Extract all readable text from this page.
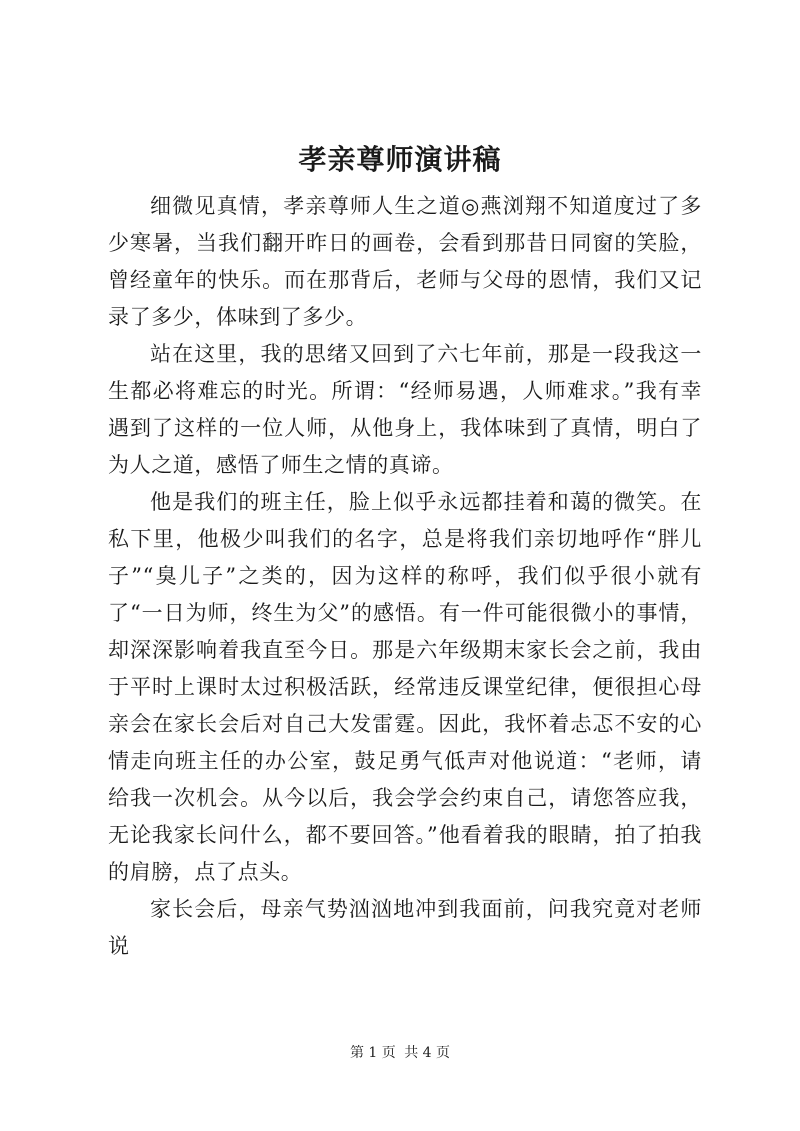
孝亲尊师演讲稿

细微见真情，孝亲尊师人生之道◎燕浏翔不知道度过了多少寒暑，当我们翻开昨日的画卷，会看到那昔日同窗的笑脸，曾经童年的快乐。而在那背后，老师与父母的恩情，我们又记录了多少，体味到了多少。

站在这里，我的思绪又回到了六七年前，那是一段我这一生都必将难忘的时光。所谓：“经师易遇，人师难求。”我有幸遇到了这样的一位人师，从他身上，我体味到了真情，明白了为人之道，感悟了师生之情的真谛。

他是我们的班主任，脸上似乎永远都挂着和蔼的微笑。在私下里，他极少叫我们的名字，总是将我们亲切地呼作“胖儿子”“臭儿子”之类的，因为这样的称呼，我们似乎很小就有了“一日为师，终生为父”的感悟。有一件可能很微小的事情，却深深影响着我直至今日。那是六年级期末家长会之前，我由于平时上课时太过积极活跃，经常违反课堂纪律，便很担心母亲会在家长会后对自己大发雷霆。因此，我怀着忐忑不安的心情走向班主任的办公室，鼓足勇气低声对他说道：“老师，请给我一次机会。从今以后，我会学会约束自己，请您答应我，无论我家长问什么，都不要回答。”他看着我的眼睛，拍了拍我的肩膀，点了点头。

家长会后，母亲气势汹汹地冲到我面前，问我究竟对老师说

第 1 页 共 4 页
